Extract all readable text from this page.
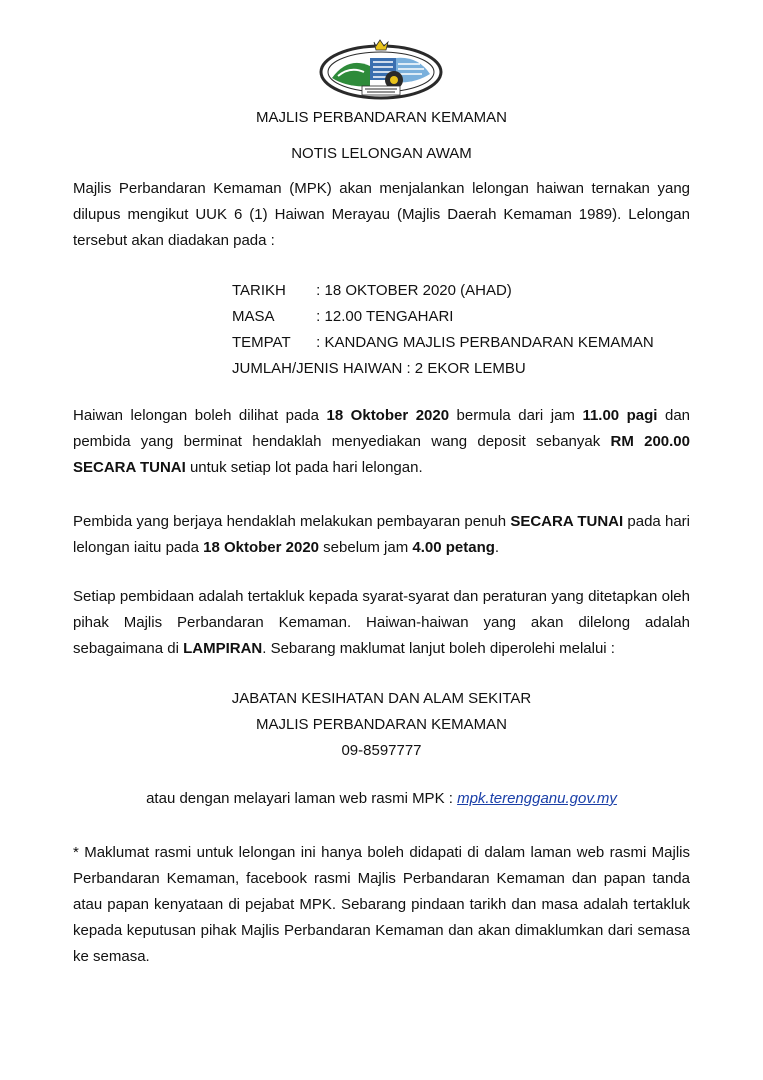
MAJLIS PERBANDARAN KEMAMAN
NOTIS LELONGAN AWAM
Majlis Perbandaran Kemaman (MPK) akan menjalankan lelongan haiwan ternakan yang dilupus mengikut UUK 6 (1) Haiwan Merayau (Majlis Daerah Kemaman 1989). Lelongan tersebut akan diadakan pada :
TARIKH : 18 OKTOBER 2020 (AHAD)
MASA	: 12.00 TENGAHARI
TEMPAT : KANDANG MAJLIS PERBANDARAN KEMAMAN
JUMLAH/JENIS HAIWAN : 2 EKOR LEMBU
Haiwan lelongan boleh dilihat pada 18 Oktober 2020 bermula dari jam 11.00 pagi dan pembida yang berminat hendaklah menyediakan wang deposit sebanyak RM 200.00 SECARA TUNAI untuk setiap lot pada hari lelongan.
Pembida yang berjaya hendaklah melakukan pembayaran penuh SECARA TUNAI pada hari lelongan iaitu pada 18 Oktober 2020 sebelum jam 4.00 petang.
Setiap pembidaan adalah tertakluk kepada syarat-syarat dan peraturan yang ditetapkan oleh pihak Majlis Perbandaran Kemaman. Haiwan-haiwan yang akan dilelong adalah sebagaimana di LAMPIRAN. Sebarang maklumat lanjut boleh diperolehi melalui :
JABATAN KESIHATAN DAN ALAM SEKITAR
MAJLIS PERBANDARAN KEMAMAN
09-8597777
atau dengan melayari laman web rasmi MPK : mpk.terengganu.gov.my
* Maklumat rasmi untuk lelongan ini hanya boleh didapati di dalam laman web rasmi Majlis Perbandaran Kemaman, facebook rasmi Majlis Perbandaran Kemaman dan papan tanda atau papan kenyataan di pejabat MPK. Sebarang pindaan tarikh dan masa adalah tertakluk kepada keputusan pihak Majlis Perbandaran Kemaman dan akan dimaklumkan dari semasa ke semasa.
